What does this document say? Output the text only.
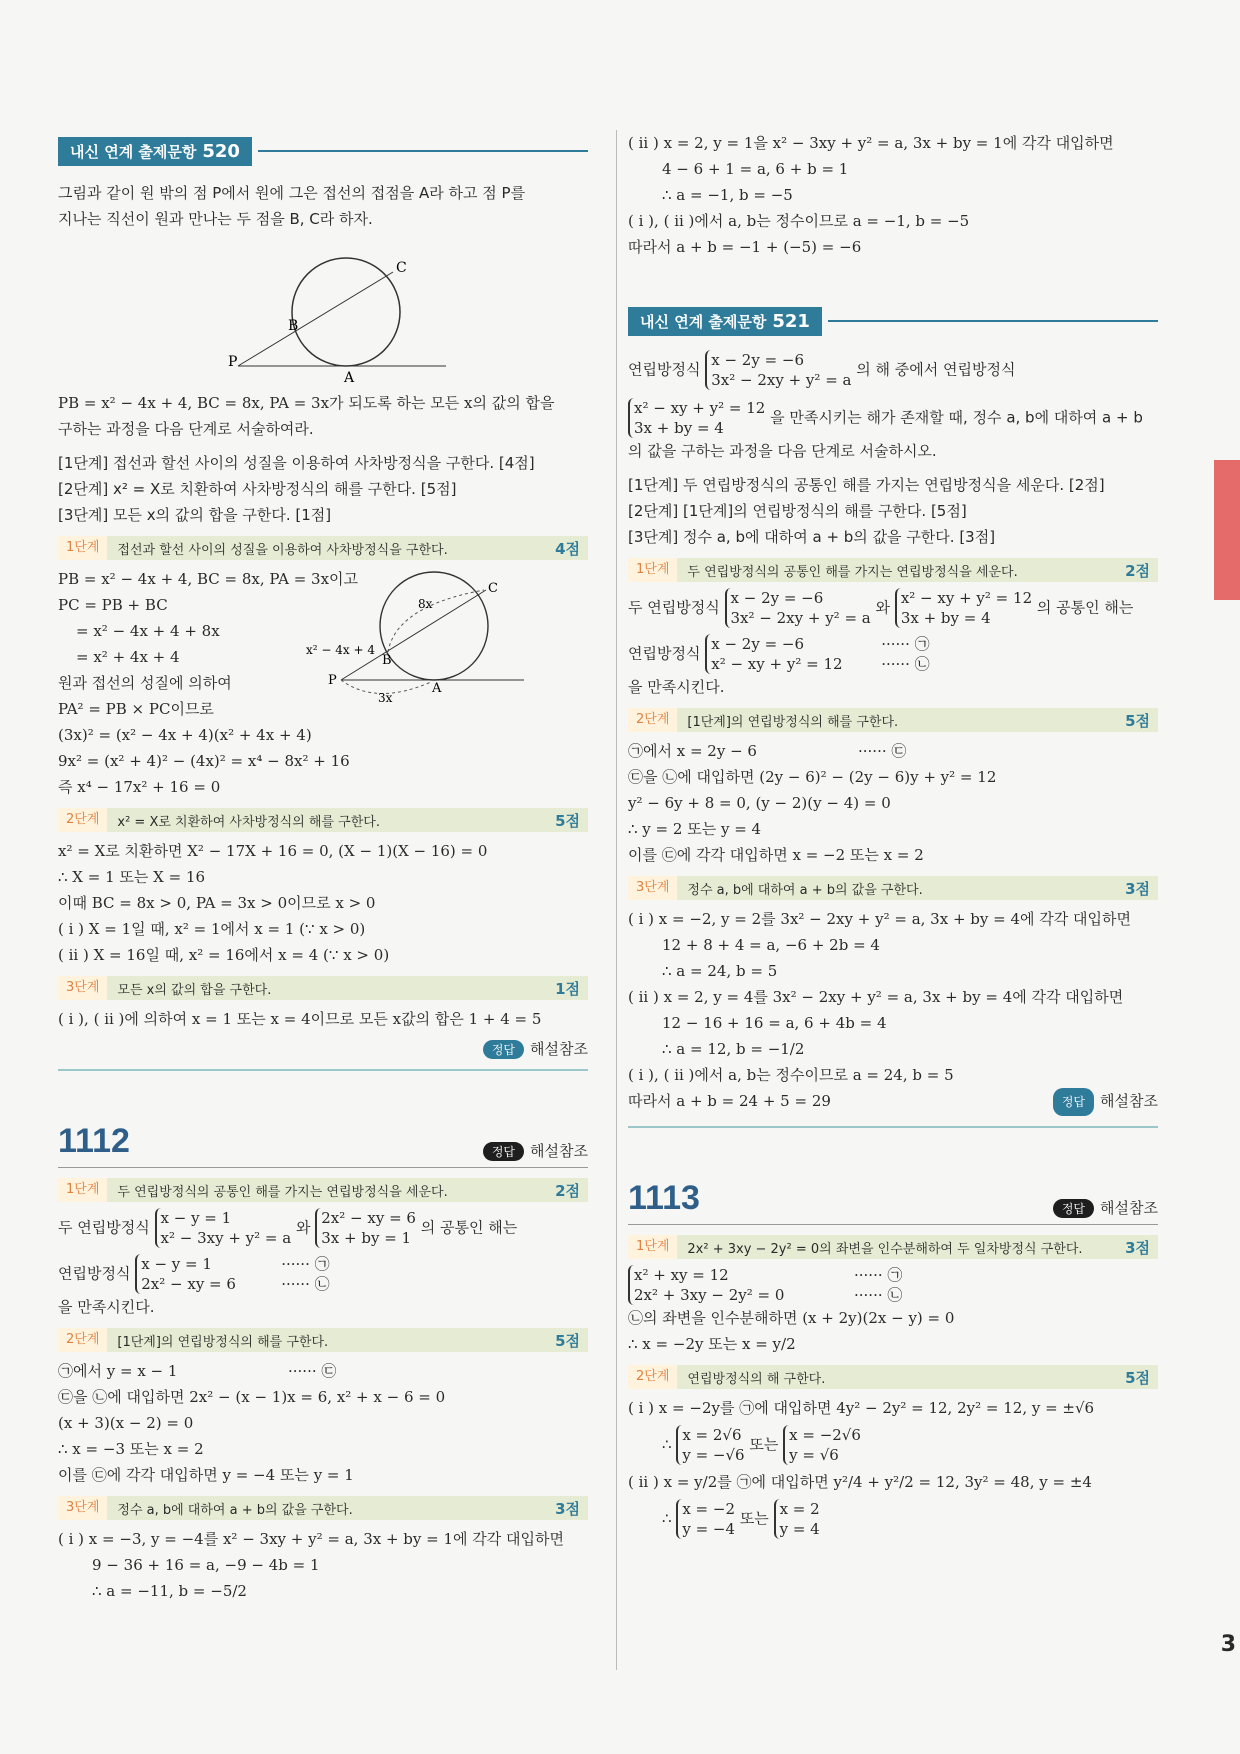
3
내신 연계 출제문항 520

그림과 같이 원 밖의 점 P에서 원에 그은 접선의 접점을 A라 하고 점 P를

지나는 직선이 원과 만나는 두 점을 B, C라 하자.

P
A
B
C

PB = x² − 4x + 4, BC = 8x, PA = 3x가 되도록 하는 모든 x의 값의 합을

구하는 과정을 다음 단계로 서술하여라.

[1단계] 접선과 할선 사이의 성질을 이용하여 사차방정식을 구한다. [4점]

[2단계] x² = X로 치환하여 사차방정식의 해를 구한다. [5점]

[3단계] 모든 x의 값의 합을 구한다. [1점]

1단계	접선과 할선 사이의 성질을 이용하여 사차방정식을 구한다.	4점

PB = x² − 4x + 4, BC = 8x, PA = 3x이고

PC = PB + BC

= x² − 4x + 4 + 8x

= x² + 4x + 4

원과 접선의 성질에 의하여

PA² = PB × PC이므로

(3x)² = (x² − 4x + 4)(x² + 4x + 4)

9x² = (x² + 4)² − (4x)² = x⁴ − 8x² + 16

즉 x⁴ − 17x² + 16 = 0

P
A
B
C
8x
x² − 4x + 4
3x
2단계	x² = X로 치환하여 사차방정식의 해를 구한다.	5점

x² = X로 치환하면 X² − 17X + 16 = 0, (X − 1)(X − 16) = 0

∴ X = 1 또는 X = 16

이때 BC = 8x > 0, PA = 3x > 0이므로 x > 0

( i ) X = 1일 때, x² = 1에서 x = 1 (∵ x > 0)

( ii ) X = 16일 때, x² = 16에서 x = 4 (∵ x > 0)

3단계	모든 x의 값의 합을 구한다.	1점

( i ), ( ii )에 의하여 x = 1 또는 x = 4이므로 모든 x값의 합은 1 + 4 = 5

정답 해설참조
1112	정답 해설참조
1단계	두 연립방정식의 공통인 해를 가지는 연립방정식을 세운다.	2점
두 연립방정식 x − y = 1
x² − 3xy + y² = a 와 2x² − xy = 6
3x + by = 1 의 공통인 해는
연립방정식 x − y = 1	······ ㉠
2x² − xy = 6	······ ㉡

을 만족시킨다.

2단계	[1단계]의 연립방정식의 해를 구한다.	5점

㉠에서 y = x − 1	······ ㉢

㉢을 ㉡에 대입하면 2x² − (x − 1)x = 6, x² + x − 6 = 0

(x + 3)(x − 2) = 0

∴ x = −3 또는 x = 2

이를 ㉢에 각각 대입하면 y = −4 또는 y = 1

3단계	정수 a, b에 대하여 a + b의 값을 구한다.	3점

( i ) x = −3, y = −4를 x² − 3xy + y² = a, 3x + by = 1에 각각 대입하면

9 − 36 + 16 = a, −9 − 4b = 1

∴ a = −11, b = −5/2

( ii ) x = 2, y = 1을 x² − 3xy + y² = a, 3x + by = 1에 각각 대입하면

4 − 6 + 1 = a, 6 + b = 1

∴ a = −1, b = −5

( i ), ( ii )에서 a, b는 정수이므로 a = −1, b = −5

따라서 a + b = −1 + (−5) = −6

내신 연계 출제문항 521
연립방정식 x − 2y = −6
3x² − 2xy + y² = a 의 해 중에서 연립방정식
x² − xy + y² = 12
3x + by = 4 을 만족시키는 해가 존재할 때, 정수 a, b에 대하여 a + b

의 값을 구하는 과정을 다음 단계로 서술하시오.

[1단계] 두 연립방정식의 공통인 해를 가지는 연립방정식을 세운다. [2점]

[2단계] [1단계]의 연립방정식의 해를 구한다. [5점]

[3단계] 정수 a, b에 대하여 a + b의 값을 구한다. [3점]

1단계	두 연립방정식의 공통인 해를 가지는 연립방정식을 세운다.	2점
두 연립방정식 x − 2y = −6
3x² − 2xy + y² = a 와 x² − xy + y² = 12
3x + by = 4 의 공통인 해는
연립방정식 x − 2y = −6	······ ㉠
x² − xy + y² = 12	······ ㉡

을 만족시킨다.

2단계	[1단계]의 연립방정식의 해를 구한다.	5점

㉠에서 x = 2y − 6	······ ㉢

㉢을 ㉡에 대입하면 (2y − 6)² − (2y − 6)y + y² = 12

y² − 6y + 8 = 0, (y − 2)(y − 4) = 0

∴ y = 2 또는 y = 4

이를 ㉢에 각각 대입하면 x = −2 또는 x = 2

3단계	정수 a, b에 대하여 a + b의 값을 구한다.	3점

( i ) x = −2, y = 2를 3x² − 2xy + y² = a, 3x + by = 4에 각각 대입하면

12 + 8 + 4 = a, −6 + 2b = 4

∴ a = 24, b = 5

( ii ) x = 2, y = 4를 3x² − 2xy + y² = a, 3x + by = 4에 각각 대입하면

12 − 16 + 16 = a, 6 + 4b = 4

∴ a = 12, b = −1/2

( i ), ( ii )에서 a, b는 정수이므로 a = 24, b = 5

따라서 a + b = 24 + 5 = 29	정답 해설참조

1113	정답 해설참조
1단계	2x² + 3xy − 2y² = 0의 좌변을 인수분해하여 두 일차방정식 구한다.	3점
x² + xy = 12	······ ㉠
2x² + 3xy − 2y² = 0	······ ㉡

㉡의 좌변을 인수분해하면 (x + 2y)(2x − y) = 0

∴ x = −2y 또는 x = y/2

2단계	연립방정식의 해 구한다.	5점

( i ) x = −2y를 ㉠에 대입하면 4y² − 2y² = 12, 2y² = 12, y = ±√6

∴ x = 2√6
y = −√6 또는 x = −2√6
y = √6

( ii ) x = y/2를 ㉠에 대입하면 y²/4 + y²/2 = 12, 3y² = 48, y = ±4

∴ x = −2
y = −4 또는 x = 2
y = 4
